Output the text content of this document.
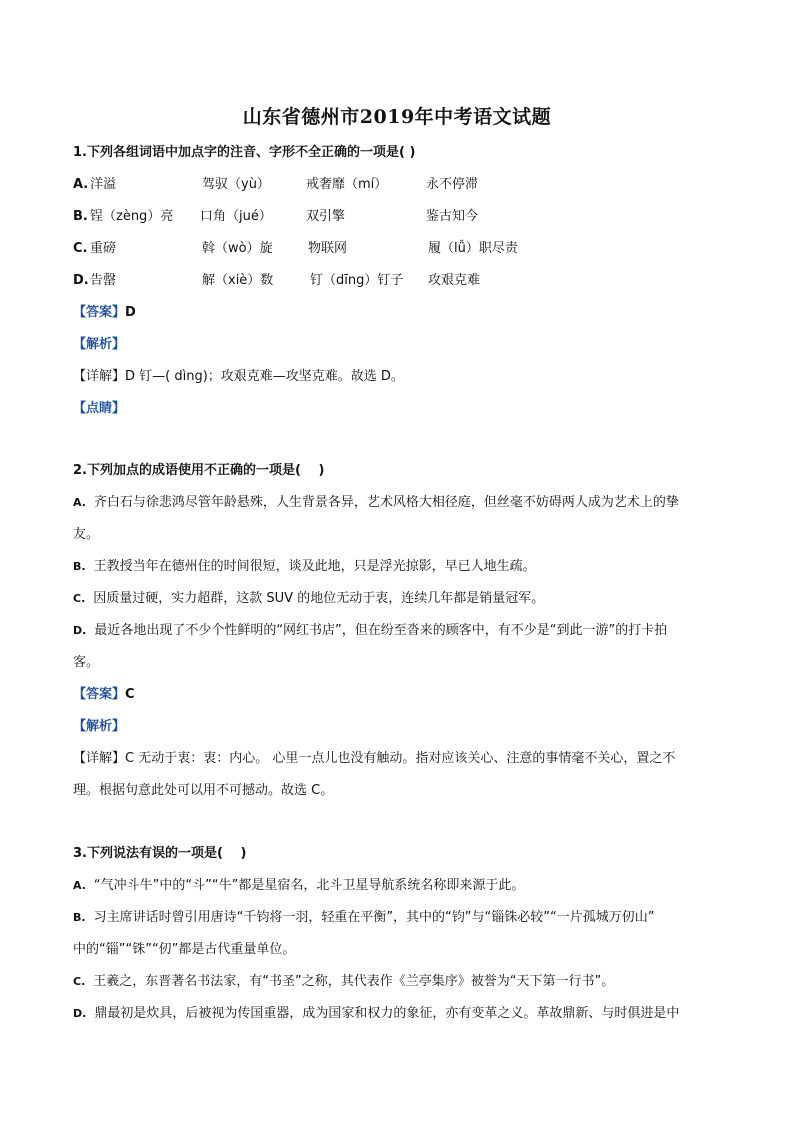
山东省德州市2019年中考语文试题
1.下列各组词语中加点字的注音、字形不全正确的一项是( )
A. 洋溢	驾驭（yù）	戒奢靡（mí）	永不停滞
B. 锃（zèng）亮 口角（jué）	双引擎	鉴古知今
C. 重磅	斡（wò）旋	物联网	履（lǚ）职尽责
D. 告罄	解（xiè）数	钉（dīng）钉子 攻艰克难
【答案】D
【解析】
【详解】D 钉—( dìng)；攻艰克难—攻坚克难。故选 D。
【点睛】
2.下列加点的成语使用不正确的一项是(　 )
A. 齐白石与徐悲鸿尽管年龄悬殊，人生背景各异，艺术风格大相径庭，但丝毫不妨碍两人成为艺术上的挚
友。
B. 王教授当年在德州住的时间很短，谈及此地，只是浮光掠影，早已人地生疏。
C. 因质量过硬，实力超群，这款 SUV 的地位无动于衷，连续几年都是销量冠军。
D. 最近各地出现了不少个性鲜明的“网红书店”，但在纷至沓来的顾客中，有不少是“到此一游”的打卡拍
客。
【答案】C
【解析】
【详解】C 无动于衷：衷：内心。 心里一点儿也没有触动。指对应该关心、注意的事情毫不关心，置之不
理。根据句意此处可以用不可撼动。故选 C。
3.下列说法有误的一项是(　 )
A. “气冲斗牛”中的“斗”“牛”都是星宿名，北斗卫星导航系统名称即来源于此。
B. 习主席讲话时曾引用唐诗“千钧将一羽，轻重在平衡”，其中的“钧”与“锱铢必较”“一片孤城万仞山”
中的“锱”“铢”“仞”都是古代重量单位。
C. 王羲之，东晋著名书法家，有“书圣”之称，其代表作《兰亭集序》被誉为“天下第一行书”。
D. 鼎最初是炊具，后被视为传国重器，成为国家和权力的象征，亦有变革之义。革故鼎新、与时俱进是中
